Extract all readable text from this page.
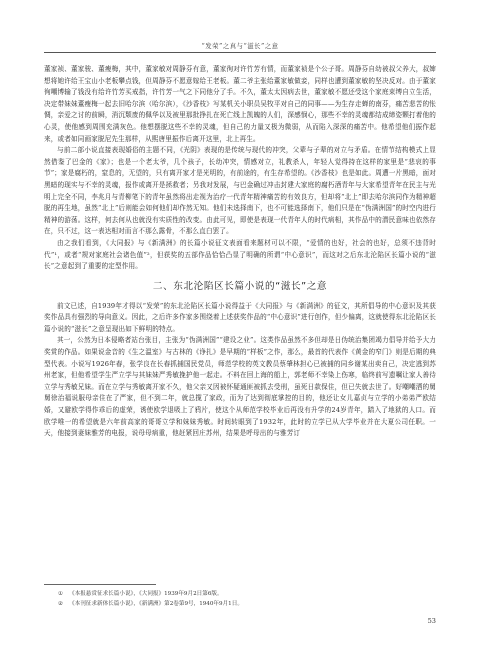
“发荣”之真与“滋长”之意

董家祯、董家骏、董瘦梅，其中，董家敏对周静芬有意，董家徇对许竹芳有情，而董家祯是个公子哥。周静芬自幼被叔父养大，叔婶想将她许给王宝山小老板攀点钱，但周静芬不愿意嫁给王老板。董二爷主张给董家敏做妾，同样也遭到董家敏的坚决反对。由于董家徇嘲博输了钱没有给许竹芳买戒指，许竹芳一气之下同他分了手。不久，董太太因病去世，董家敏不愿还受这个家庭束缚自立生活，决定带妹妹董瘦梅一起去旧哈尔滨（哈尔滨），《沙香枝》写某机关小职员吴牧平对自己的同事——为生存走蝉的南芬，痛苦悲苦的怅惆，亲爱之讨的前瞬，消沉颓废的佩华以及被里那批挣扎在死亡线上凯魄的人们，深感悯心，那些不幸的灵魂都结成缔姿颗打着他的心灵，使他感到周围充满灰色。他想摆脱这些不幸的灵魂，但自己的力量又极为微弱，从而陷入深深的痛苦中。他希望他们振作起来，或者如同画家脱尼先生那样，从熙唐里振作后离开这里，北上再生。

与前二部小说直接表现婚俗的主题不同，《光阴》表现的是传统与现代的冲突，父辈与子辈的对立与矛盾。在情节结构模式上显然借鉴了巴金的《家》；也是一个老太爷，几个孩子，长幼冲突，情感对立，礼教杀人，年轻人觉得持在这样的家里是“悲哀的事节”；家是腐朽的，窒息的，无望的，只有离开家才是光明的，有前途的，有生存希望的。《沙香枝》也是如此。周遭一片黑暗，面对黑暗的现实与不幸的灵魂，报作或离开是拯救者；另我对发展，与巴金确过冲击封建大家庭的腐朽酒青年与大家希望青年在民主与光明上完全不同，李兆月与青柳笔下的青年虽然将出走视为治疗一代青年精神痛苦的有效良方，但却将“北上”即去哈尔滨同作为精神超脱的再生地，虽然“北上”后则能会如何他们却作然无知。他们未选择南下，也不可能选择南下，他们只是在“伪满洲国”的时空内进行精神的游荡。这样，何去何从也就没有实质性的改变。由此可见，即使是表现一代青年人的时代病相，其作品中的潜民意味也依然存在，只不过，这一表达相对而言不那么露骨，不那么直白罢了。

由之我们看到，《大同报》与《新满洲》的长篇小说征文表面看来题材可以不限，“爱情的也好，社会的也好，总须不违背时代”¹，或者“规对家庭社会诸色值”²，但获奖的五部作品恰恰凸显了明确的所谓“中心意识”，而这对之后东北沦陷区长篇小说的“滋长”之意起到了重要的定型作用。

二、东北沦陷区长篇小说的“滋长”之意

前文已述，自1939年才得以“发荣”的东北沦陷区长篇小说得益于《大同报》与《新满洲》的征文，其所倡导的中心意识及其获奖作品具有强烈的导向意义。因此，之后许多作家多围绕着上述获奖作品的“中心意识”进行创作，但少偏离，这就使得东北沦陷区长篇小说的“滋长”之意呈现出如下鲜明的特点。

其一，公然为日本侵略者站台张目，主张为“伪满洲国”“建设之业”。这类作品虽然不多但却是日伪统治集团竭力倡导并给予大力奖赏的作品。如果说金音的《生之温室》与古林的《诤扎》是早期的“样板”之作，那么，最首的代表作《黄金的窄门》则是后期的典型代表。小说写1926年春，张学良在长春抓捕国民党员，师范学校的英文教员蔡肇林担心已被捕的同乡谢某出卖自己，决定逃到苏州老家，但他希望学生严立学与其妹妹严秀敏挽护他一起走。不料在回上海的船上，郭老师不幸染上伤寒，临终前写遗嘱让家人善待立学与秀敏兄妹。而在立学与秀敏离开家不久，他父亲又因被怀疑通匪被抓去受刑，虽死日款保住，但已失就去世了。好嘲嘲洒的舅舅徐治福说服母亲住在了严家，但不到二年，就总揽了家政，而为了达到彻底掌控的目的，他还让女儿嘉贞与立学的小弟弟严欧结婚，又避欧学得作乖后的虚荣，诱使欧学退吸上了鸦片，使这个从师范学校毕业后再没有升学的24岁青年，踏入了地狱的人口。而欧学唯一的希望就是六年前高家的哥哥立学和妹妹秀敏。时间转眼到了1932年，此时的立学已从大学毕业并在大夏公司任职。一天，他接到妻妹雅芳的电报，说母母病重，他赶紧回庄苏州，结果是呼母出的与雅芳订

① 《本报悬赏征求长篇小说》，《大同报》1939年9月2日第6版。
② 《本刊征求新体长篇小说》，《新满洲》第2卷第9号，1940年9月1日。
53
